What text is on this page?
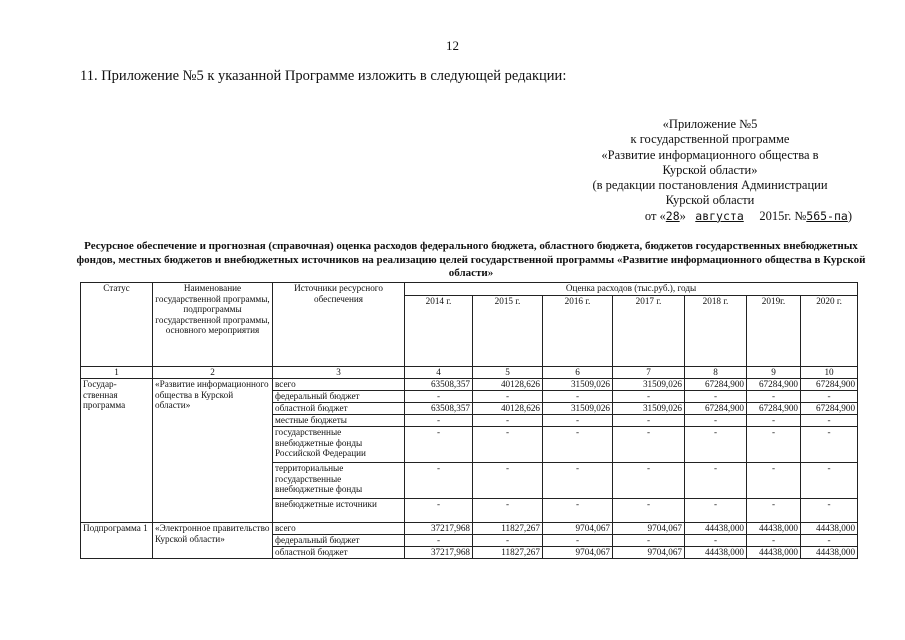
12
11. Приложение №5 к указанной Программе изложить в следующей редакции:
«Приложение №5
к государственной программе
«Развитие информационного общества в
Курской области»
(в редакции постановления Администрации
Курской области
от «28» августа 2015г. №565-па)
Ресурсное обеспечение и прогнозная (справочная) оценка расходов федерального бюджета, областного бюджета, бюджетов государственных внебюджетных фондов, местных бюджетов и внебюджетных источников на реализацию целей государственной программы «Развитие информационного общества в Курской области»
Статус	Наименование государственной программы, подпрограммы государственной программы, основного мероприятия	Источники ресурсного обеспечения	Оценка расходов (тыс.руб.), годы						
			2014 г.	2015 г.	2016 г.	2017 г.	2018 г.	2019г.	2020 г.
1	2	3	4	5	6	7	8	9	10
Государ-ственная программа	«Развитие информационного общества в Курской области»	всего	63508,357	40128,626	31509,026	31509,026	67284,900	67284,900	67284,900
		федеральный бюджет	-	-	-	-	-	-	-
		областной бюджет	63508,357	40128,626	31509,026	31509,026	67284,900	67284,900	67284,900
		местные бюджеты	-	-	-	-	-	-	-
		государственные внебюджетные фонды Российской Федерации	-	-	-	-	-	-	-
		территориальные государственные внебюджетные фонды	-	-	-	-	-	-	-
		внебюджетные источники	-	-	-	-	-	-	-
Подпрограмма 1	«Электронное правительство Курской области»	всего	37217,968	11827,267	9704,067	9704,067	44438,000	44438,000	44438,000
		федеральный бюджет	-	-	-	-	-	-	-
		областной бюджет	37217,968	11827,267	9704,067	9704,067	44438,000	44438,000	44438,000
